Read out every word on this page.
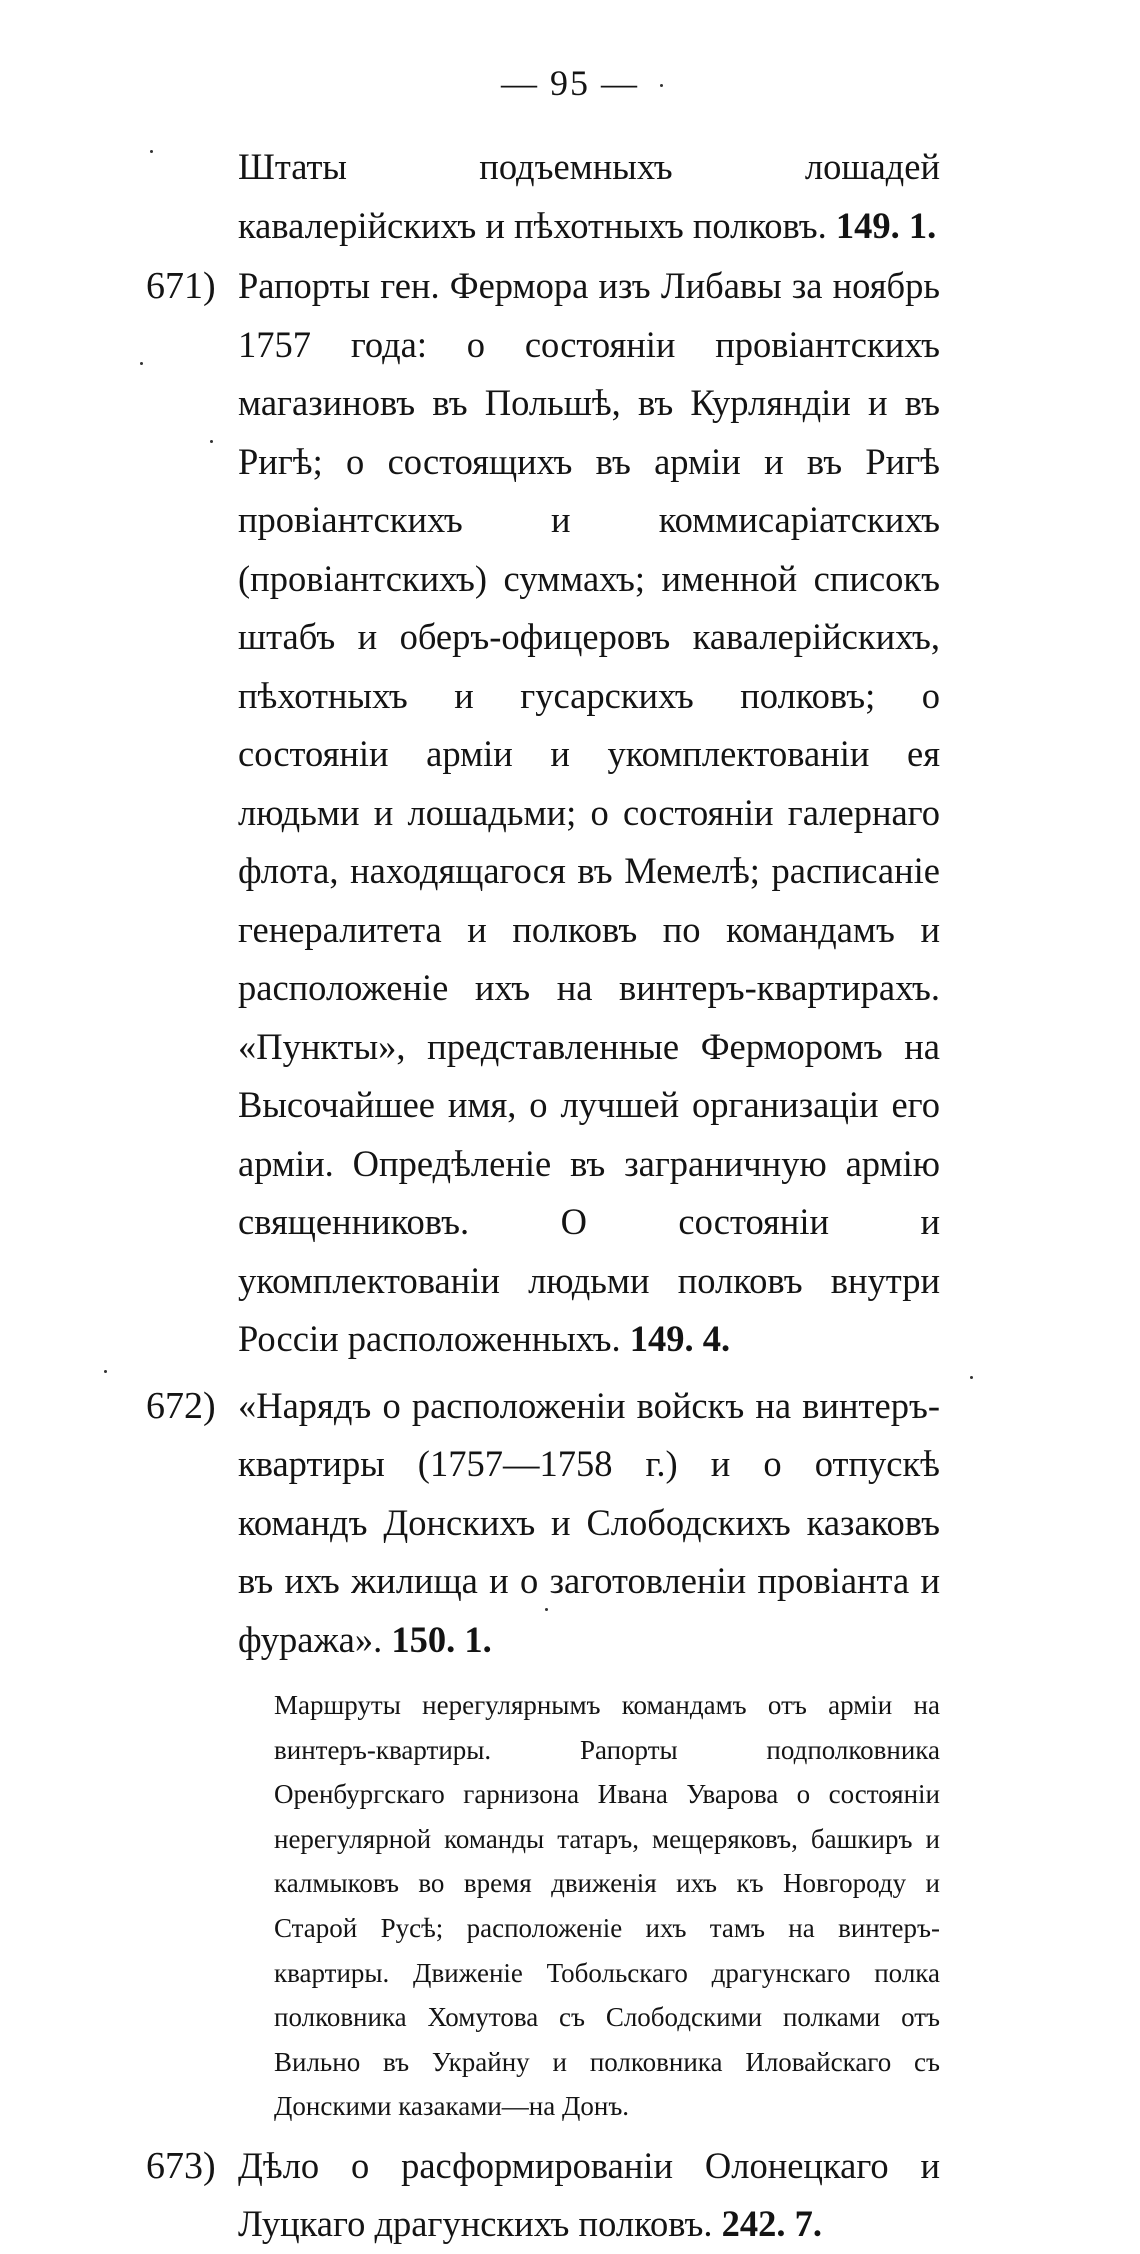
— 95 —
Штаты подъемныхъ лошадей кавалерійскихъ и пѣхотныхъ полковъ. 149. 1.
671) Рапорты ген. Фермора изъ Либавы за ноябрь 1757 года: о состояніи провіантскихъ магазиновъ въ Польшѣ, въ Курляндіи и въ Ригѣ; о состоящихъ въ арміи и въ Ригѣ провіантскихъ и коммисаріатскихъ (провіантскихъ) суммахъ; именной списокъ штабъ и оберъ-офицеровъ кавалерійскихъ, пѣхотныхъ и гусарскихъ полковъ; о состояніи арміи и укомплектованіи ея людьми и лошадьми; о состояніи галернаго флота, находящагося въ Мемелѣ; расписаніе генералитета и полковъ по командамъ и расположеніе ихъ на винтеръ-квартирахъ. «Пункты», представленные Ферморомъ на Высочайшее имя, о лучшей организаціи его арміи. Опредѣленіе въ заграничную армію священниковъ. О состояніи и укомплектованіи людьми полковъ внутри Россіи расположенныхъ. 149. 4.
672) «Нарядъ о расположеніи войскъ на винтеръ-квартиры (1757—1758 г.) и о отпускѣ командъ Донскихъ и Слободскихъ казаковъ въ ихъ жилища и о заготовленіи провіанта и фуража». 150. 1.
Маршруты нерегулярнымъ командамъ отъ арміи на винтеръ-квартиры. Рапорты подполковника Оренбургскаго гарнизона Ивана Уварова о состояніи нерегулярной команды татаръ, мещеряковъ, башкиръ и калмыковъ во время движенія ихъ къ Новгороду и Старой Русѣ; расположеніе ихъ тамъ на винтеръ-квартиры. Движеніе Тобольскаго драгунскаго полка полковника Хомутова съ Слободскими полками отъ Вильно въ Украйну и полковника Иловайскаго съ Донскими казаками—на Донъ.
673) Дѣло о расформированіи Олонецкаго и Луцкаго драгунскихъ полковъ. 242. 7.
